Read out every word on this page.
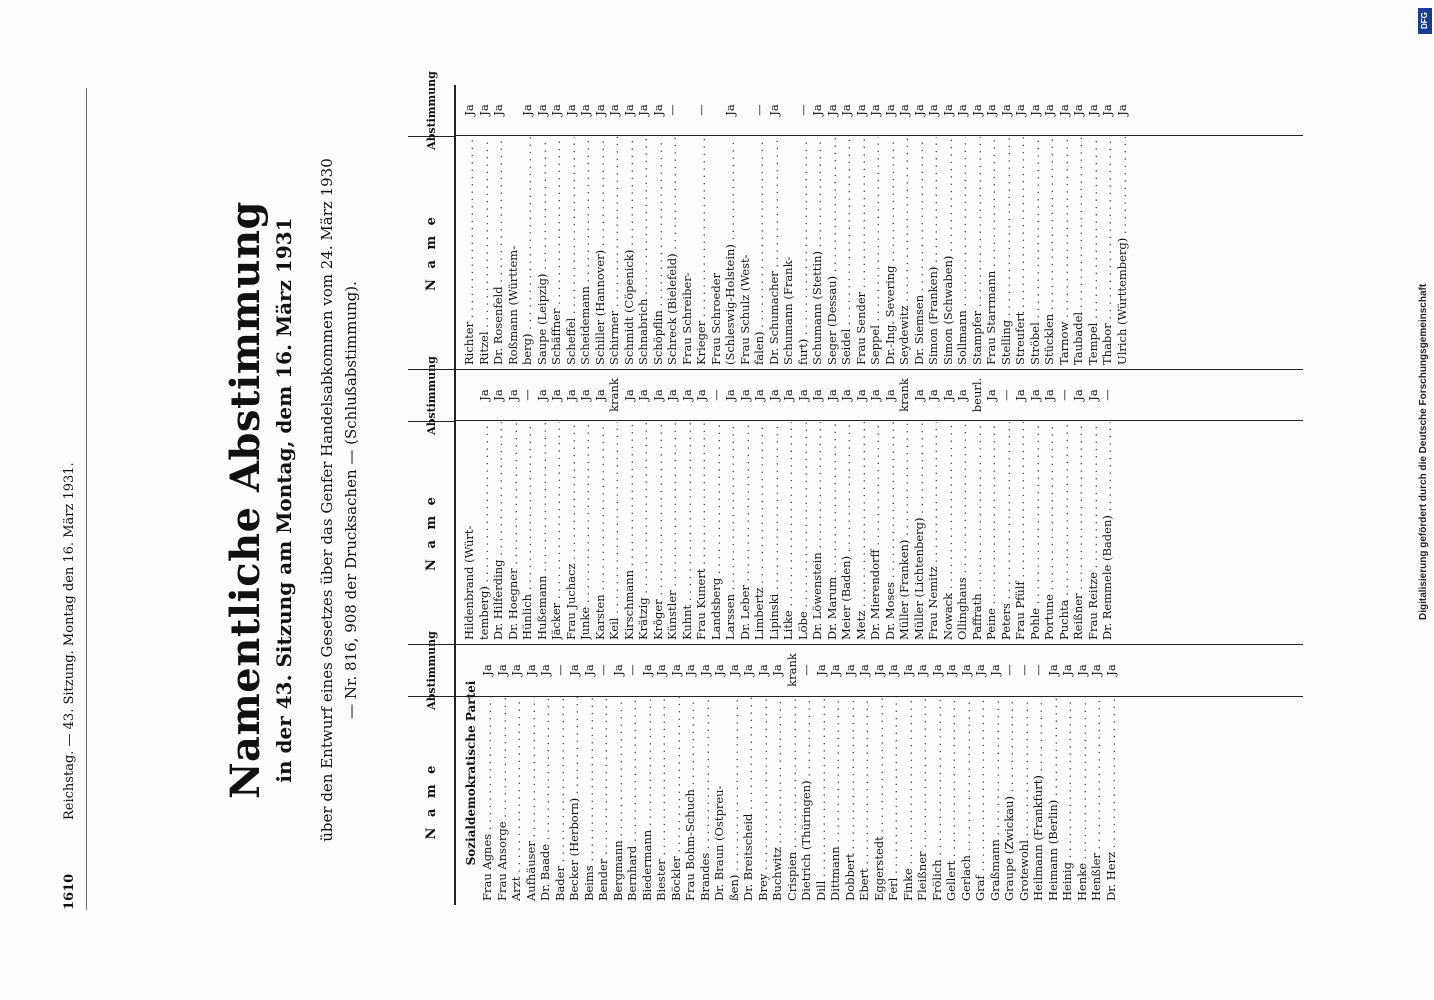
1610
Reichstag. — 43. Sitzung. Montag den 16. März 1931.	Namentliche Abstimmung in der 43. Sitzung am Montag, dem 16. März 1931 über den Entwurf eines Gesetzes über das Genfer Handelsabkommen vom 24. März 1930 — Nr. 816, 908 der Drucksachen — (Schlußabstimmung).
N a m e
Abstimmung
Sozialdemokratische Partei
Frau Agnes . . .
Ja
Frau Ansorge . . .
Ja
Arzt . . .
Ja
Aufhäuser . . .
Ja
Dr. Baade . . .
Ja
Bader . . .
—
Becker (Herborn) . . .
Ja
Beims . . .
Ja
Bender . . .
—
Bergmann . . .
Ja
Bernhard . . .
—
Biedermann . . .
Ja
Biester . . .
Ja
Böckler . . .
Ja
Frau Bohm-Schuch . . .
Ja
Brandes . . .
Ja
Dr. Braun (Ostpreu-
Ja
ßen) . . .
Ja
Dr. Breitscheid . . .
Ja
Brey . . .
Ja
Buchwitz . . .
Ja
Crispien . . .
krank
Dietrich (Thüringen) . . .
—
Dill . . .
Ja
Dittmann . . .
Ja
Dobbert . . .
Ja
Ebert . . .
Ja
Eggerstedt . . .
Ja
Ferl . . .
Ja
Finke . . .
Ja
Fleißner . . .
Ja
Frölich . . .
Ja
Gellert . . .
Ja
Gerlach . . .
Ja
Graf . . .
Ja
Graßmann . . .
Ja
Graupe (Zwickau) . . .
—
Grotewohl . . .
—
Heilmann (Frankfurt) . . .
—
Heimann (Berlin) . . .
Ja
Heinig . . .
Ja
Henke . . .
Ja
Henßler . . .
Ja
Dr. Herz . . .
Ja
N a m e
Abstimmung
Hildenbrand (Würt- temberg) . . .
Ja
Dr. Hilferding . . .
Ja
Dr. Hoegner . . .
Ja
Hünlich . . .
—
Hußemann . . .
Ja
Jäcker . . .
Ja
Frau Juchacz . . .
Ja
Junke . . .
Ja
Karsten . . .
Ja
Keil . . .
krank
Kirschmann . . .
Ja
Krätzig . . .
Ja
Kröger . . .
Ja
Künstler . . .
Ja
Kuhnt . . .
Ja
Frau Kunert . . .
Ja
Landsberg . . .
—
Larssen . . .
Ja
Dr. Leber . . .
Ja
Limbertz . . .
Ja
Lipinski . . .
Ja
Litke . . .
Ja
Löbe . . .
Ja
Dr. Löwenstein . . .
Ja
Dr. Marum . . .
Ja
Meier (Baden) . . .
Ja
Metz . . .
Ja
Dr. Mierendorff . . .
Ja
Dr. Moses . . .
Ja
Müller (Franken) . . .
krank
Müller (Lichtenberg) . . .
Ja
Frau Nemitz . . .
Ja
Nowack . . .
Ja
Ollinghaus . . .
Ja
Paffrath . . .
beurl.
Peine . . .
Ja
Peters . . .
—
Frau Pfülf . . .
Ja
Pohle . . .
Ja
Portune . . .
Ja
Puchta . . .
—
Reißner . . .
Ja
Frau Reitze . . .
Ja
Dr. Remmele (Baden) . . .
—
N a m e
Abstimmung
Richter . . .
Ja
Ritzel . . .
Ja
Dr. Rosenfeld . . .
Ja
Roßmann (Württem- berg) . . .
Ja
Saupe (Leipzig) . . .
Ja
Schäffner . . .
Ja
Scheffel . . .
Ja
Scheidemann . . .
Ja
Schiller (Hannover) . . .
Ja
Schirmer . . .
Ja
Schmidt (Cöpenick) . . .
Ja
Schnabrich . . .
Ja
Schöpflin . . .
Ja
Schreck (Bielefeld) . . .
—
Frau Schreiber- Krieger . . .
—
Frau Schroeder (Schleswig-Holstein) . . .
Ja
Frau Schulz (West- falen) . . .
—
Dr. Schumacher . . .
Ja
Schumann (Frank- furt) . . .
—
Schumann (Stettin) . . .
Ja
Seger (Dessau) . . .
Ja
Seidel . . .
Ja
Frau Sender . . .
Ja
Seppel . . .
Ja
Dr.-Ing. Severing . . .
Ja
Seydewitz . . .
Ja
Dr. Siemsen . . .
Ja
Simon (Franken) . . .
Ja
Simon (Schwaben) . . .
Ja
Sollmann . . .
Ja
Stampfer . . .
Ja
Frau Starrmann . . .
Ja
Stelling . . .
Ja
Streufert . . .
Ja
Ströbel . . .
Ja
Stücklen . . .
Ja
Tarnow . . .
Ja
Taubadel . . .
Ja
Tempel . . .
Ja
Thabor . . .
Ja
Ulrich (Württemberg) . . .
Ja
DFG
Digitalisierung gefördert durch die Deutsche Forschungsgemeinschaft
